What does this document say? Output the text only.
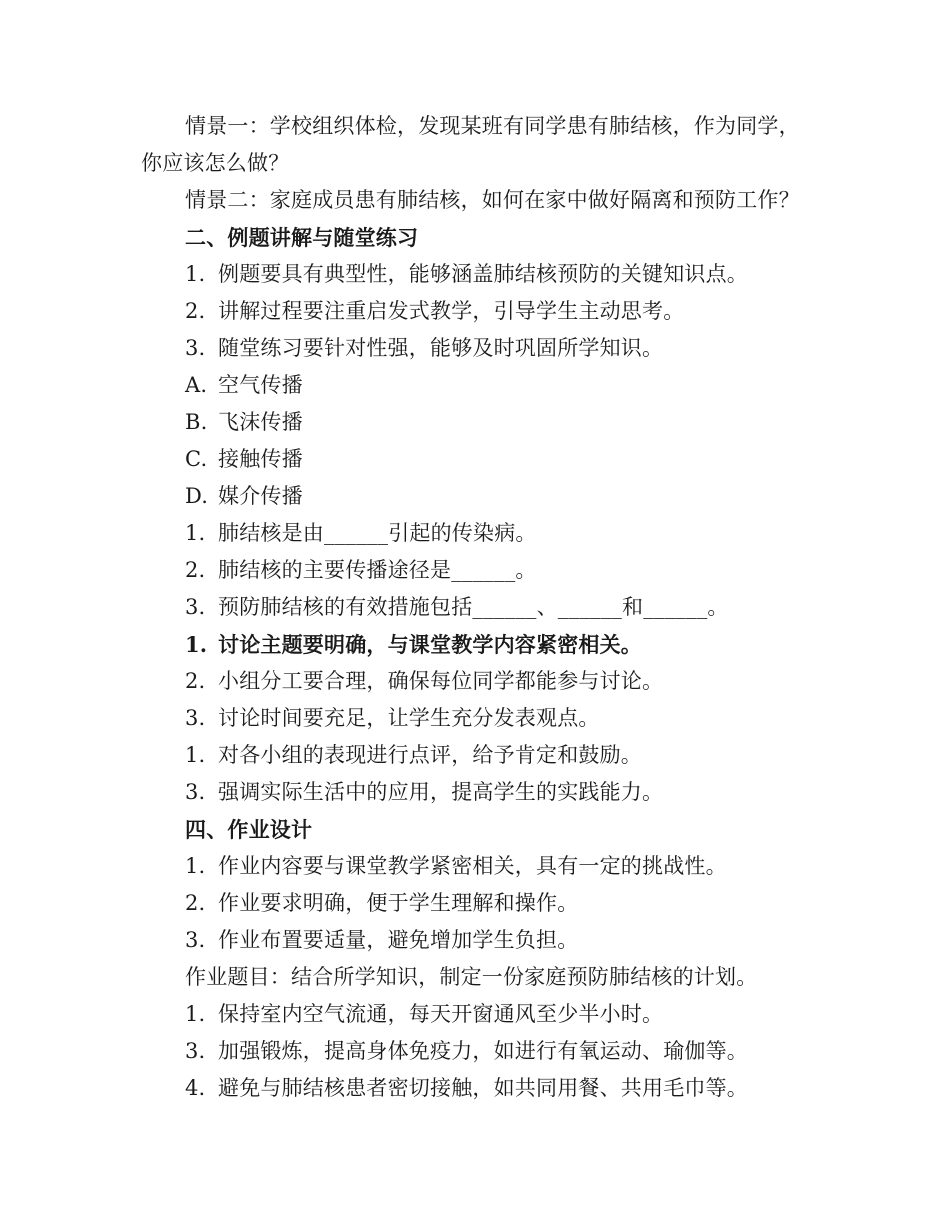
情景一：学校组织体检，发现某班有同学患有肺结核，作为同学，你应该怎么做？
情景二：家庭成员患有肺结核，如何在家中做好隔离和预防工作？
二、例题讲解与随堂练习
1. 例题要具有典型性，能够涵盖肺结核预防的关键知识点。
2. 讲解过程要注重启发式教学，引导学生主动思考。
3. 随堂练习要针对性强，能够及时巩固所学知识。
A. 空气传播
B. 飞沫传播
C. 接触传播
D. 媒介传播
1. 肺结核是由______引起的传染病。
2. 肺结核的主要传播途径是______。
3. 预防肺结核的有效措施包括______、______和______。
1. 讨论主题要明确，与课堂教学内容紧密相关。
2. 小组分工要合理，确保每位同学都能参与讨论。
3. 讨论时间要充足，让学生充分发表观点。
1. 对各小组的表现进行点评，给予肯定和鼓励。
3. 强调实际生活中的应用，提高学生的实践能力。
四、作业设计
1. 作业内容要与课堂教学紧密相关，具有一定的挑战性。
2. 作业要求明确，便于学生理解和操作。
3. 作业布置要适量，避免增加学生负担。
作业题目：结合所学知识，制定一份家庭预防肺结核的计划。
1. 保持室内空气流通，每天开窗通风至少半小时。
3. 加强锻炼，提高身体免疫力，如进行有氧运动、瑜伽等。
4. 避免与肺结核患者密切接触，如共同用餐、共用毛巾等。
